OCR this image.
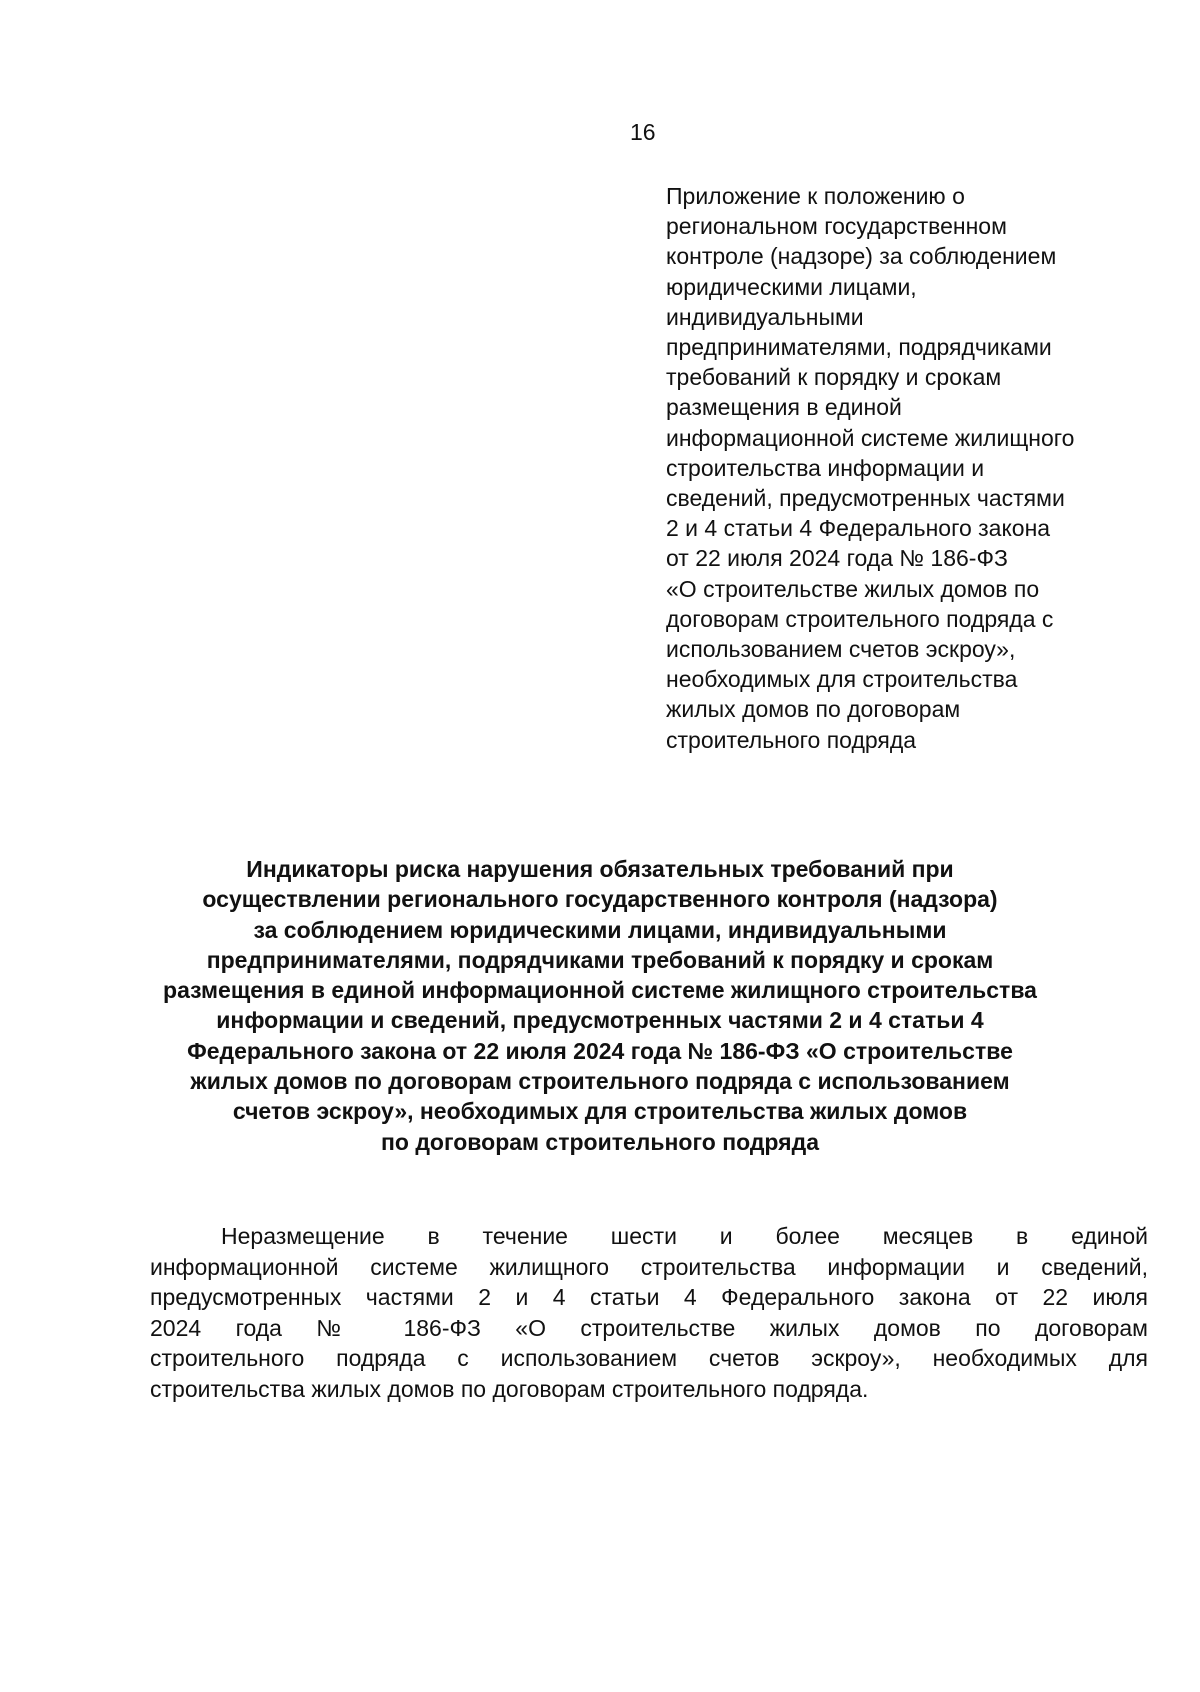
16
Приложение к положению о
региональном государственном
контроле (надзоре) за соблюдением
юридическими лицами,
индивидуальными
предпринимателями, подрядчиками
требований к порядку и срокам
размещения в единой
информационной системе жилищного
строительства информации и
сведений, предусмотренных частями
2 и 4 статьи 4 Федерального закона
от 22 июля 2024 года № 186-ФЗ
«О строительстве жилых домов по
договорам строительного подряда с
использованием счетов эскроу»,
необходимых для строительства
жилых домов по договорам
строительного подряда
Индикаторы риска нарушения обязательных требований при
осуществлении регионального государственного контроля (надзора)
за соблюдением юридическими лицами, индивидуальными
предпринимателями, подрядчиками требований к порядку и срокам
размещения в единой информационной системе жилищного строительства
информации и сведений, предусмотренных частями 2 и 4 статьи 4
Федерального закона от 22 июля 2024 года № 186-ФЗ «О строительстве
жилых домов по договорам строительного подряда с использованием
счетов эскроу», необходимых для строительства жилых домов
по договорам строительного подряда
Неразмещение в течение шести и более месяцев в единой
информационной системе жилищного строительства информации и сведений,
предусмотренных частями 2 и 4 статьи 4 Федерального закона от 22 июля
2024 года № 186-ФЗ «О строительстве жилых домов по договорам
строительного подряда с использованием счетов эскроу», необходимых для
строительства жилых домов по договорам строительного подряда.
